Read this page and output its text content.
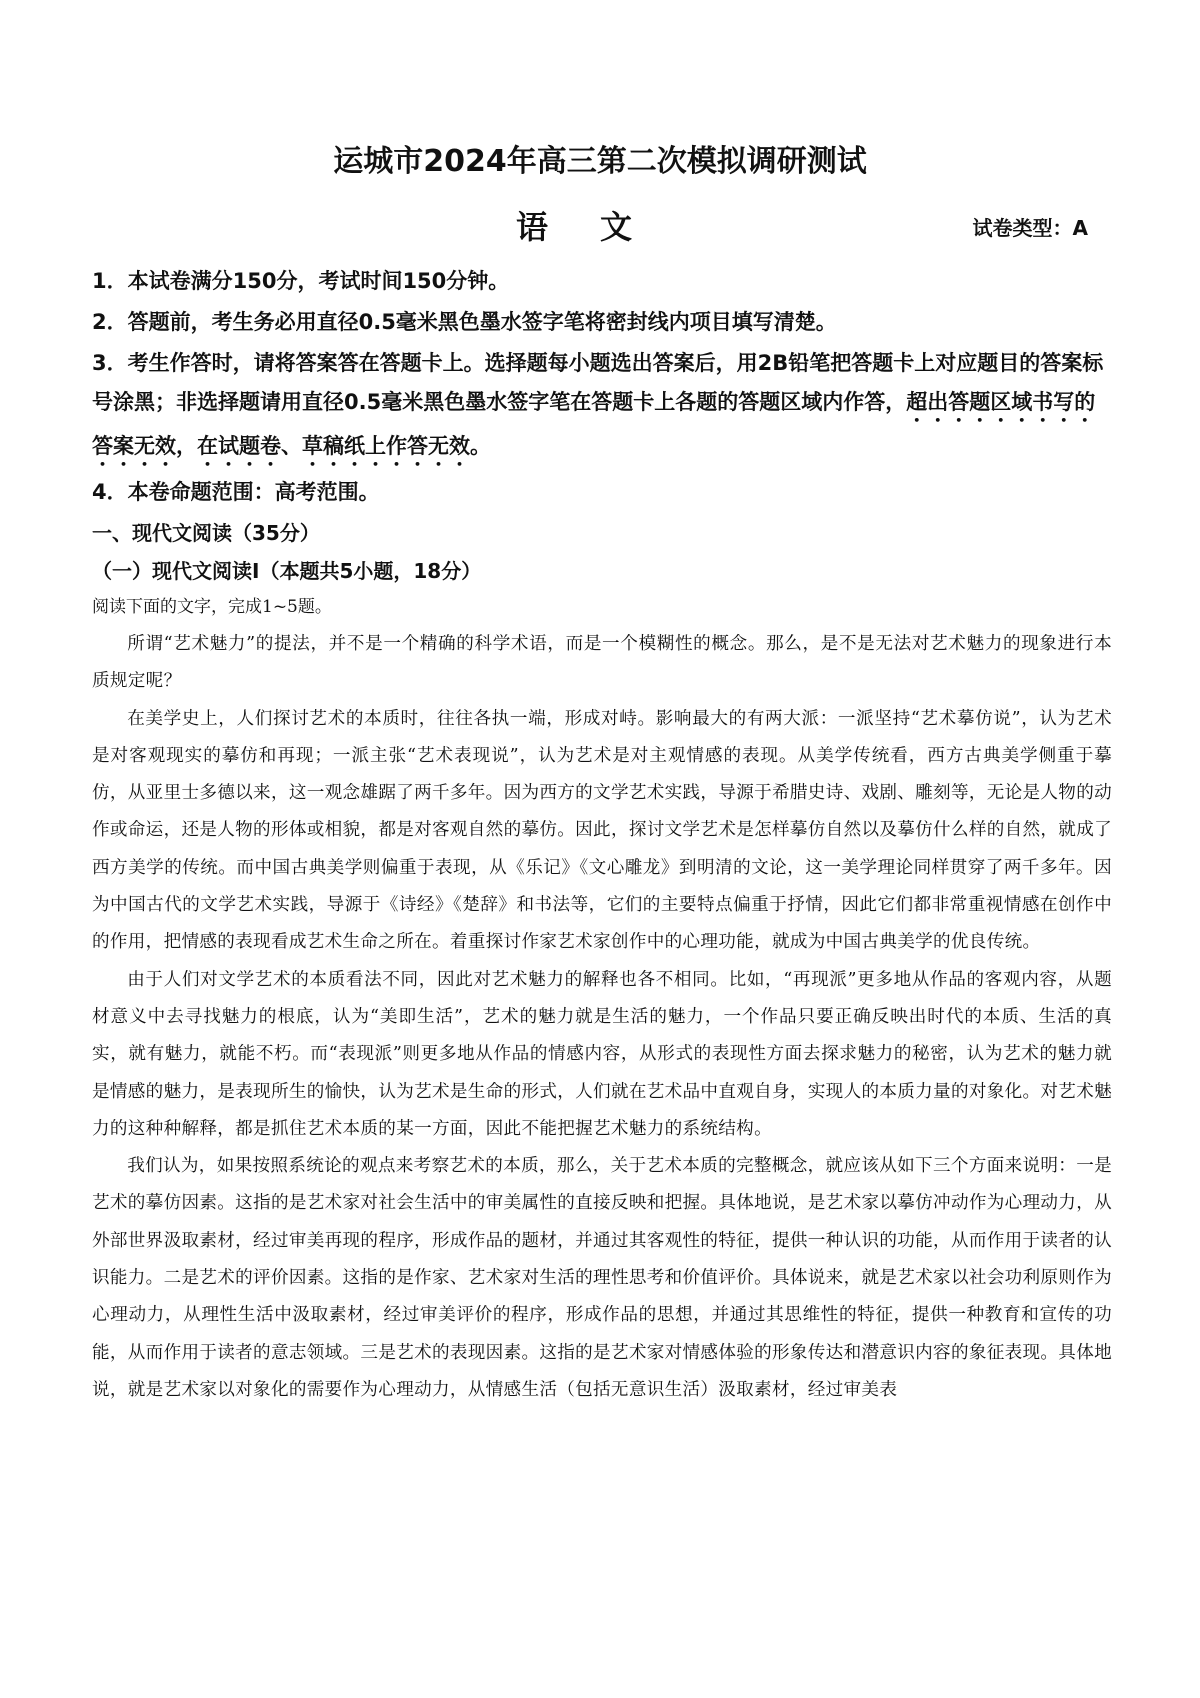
运城市2024年高三第二次模拟调研测试
语文	试卷类型：A

1．本试卷满分150分，考试时间150分钟。

2．答题前，考生务必用直径0.5毫米黑色墨水签字笔将密封线内项目填写清楚。

3．考生作答时，请将答案答在答题卡上。选择题每小题选出答案后，用2B铅笔把答题卡上对应题目的答案标号涂黑；非选择题请用直径0.5毫米黑色墨水签字笔在答题卡上各题的答题区域内作答，超出答题区域书写的答案无效，在试题卷、草稿纸上作答无效。

4．本卷命题范围：高考范围。

一、现代文阅读（35分）

（一）现代文阅读Ⅰ（本题共5小题，18分）

阅读下面的文字，完成1~5题。

所谓“艺术魅力”的提法，并不是一个精确的科学术语，而是一个模糊性的概念。那么，是不是无法对艺术魅力的现象进行本质规定呢？

在美学史上，人们探讨艺术的本质时，往往各执一端，形成对峙。影响最大的有两大派：一派坚持“艺术摹仿说”，认为艺术是对客观现实的摹仿和再现；一派主张“艺术表现说”，认为艺术是对主观情感的表现。从美学传统看，西方古典美学侧重于摹仿，从亚里士多德以来，这一观念雄踞了两千多年。因为西方的文学艺术实践，导源于希腊史诗、戏剧、雕刻等，无论是人物的动作或命运，还是人物的形体或相貌，都是对客观自然的摹仿。因此，探讨文学艺术是怎样摹仿自然以及摹仿什么样的自然，就成了西方美学的传统。而中国古典美学则偏重于表现，从《乐记》《文心雕龙》到明清的文论，这一美学理论同样贯穿了两千多年。因为中国古代的文学艺术实践，导源于《诗经》《楚辞》和书法等，它们的主要特点偏重于抒情，因此它们都非常重视情感在创作中的作用，把情感的表现看成艺术生命之所在。着重探讨作家艺术家创作中的心理功能，就成为中国古典美学的优良传统。

由于人们对文学艺术的本质看法不同，因此对艺术魅力的解释也各不相同。比如，“再现派”更多地从作品的客观内容，从题材意义中去寻找魅力的根底，认为“美即生活”，艺术的魅力就是生活的魅力，一个作品只要正确反映出时代的本质、生活的真实，就有魅力，就能不朽。而“表现派”则更多地从作品的情感内容，从形式的表现性方面去探求魅力的秘密，认为艺术的魅力就是情感的魅力，是表现所生的愉快，认为艺术是生命的形式，人们就在艺术品中直观自身，实现人的本质力量的对象化。对艺术魅力的这种种解释，都是抓住艺术本质的某一方面，因此不能把握艺术魅力的系统结构。

我们认为，如果按照系统论的观点来考察艺术的本质，那么，关于艺术本质的完整概念，就应该从如下三个方面来说明：一是艺术的摹仿因素。这指的是艺术家对社会生活中的审美属性的直接反映和把握。具体地说，是艺术家以摹仿冲动作为心理动力，从外部世界汲取素材，经过审美再现的程序，形成作品的题材，并通过其客观性的特征，提供一种认识的功能，从而作用于读者的认识能力。二是艺术的评价因素。这指的是作家、艺术家对生活的理性思考和价值评价。具体说来，就是艺术家以社会功利原则作为心理动力，从理性生活中汲取素材，经过审美评价的程序，形成作品的思想，并通过其思维性的特征，提供一种教育和宣传的功能，从而作用于读者的意志领域。三是艺术的表现因素。这指的是艺术家对情感体验的形象传达和潜意识内容的象征表现。具体地说，就是艺术家以对象化的需要作为心理动力，从情感生活（包括无意识生活）汲取素材，经过审美表
